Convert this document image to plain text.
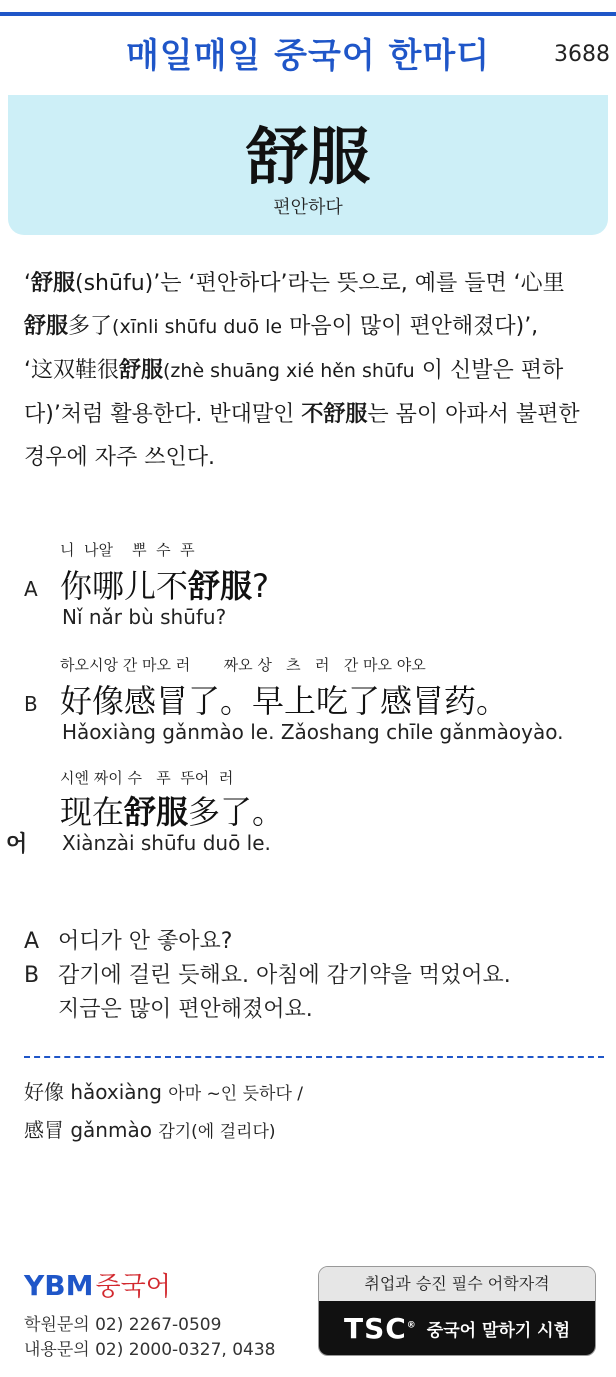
매일매일 중국어 한마디	3688
舒服
편안하다
‘舒服(shūfu)’는 ‘편안하다’라는 뜻으로, 예를 들면 ‘心里
舒服多了(xīnli shūfu duō le 마음이 많이 편안해졌다)’,
‘这双鞋很舒服(zhè shuāng xié hěn shūfu 이 신발은 편하다)’처럼 활용한다. 반대말인 不舒服는 몸이 아파서 불편한 경우에 자주 쓰인다.
니  나알    뿌  수  푸
A 你哪儿不舒服?
Nǐ nǎr bù shūfu?
하오시앙 간 마오 러       짜오 상   츠   러   간 마오 야오
B 好像感冒了。早上吃了感冒药。
Hǎoxiàng gǎnmào le. Zǎoshang chīle gǎnmàoyào.
시엔 짜이 수   푸  뚜어  러
现在舒服多了。
어 Xiànzài shūfu duō le.
A 어디가 안 좋아요?
B 감기에 걸린 듯해요. 아침에 감기약을 먹었어요.
지금은 많이 편안해졌어요.
好像 hǎoxiàng 아마 ~인 듯하다 /
感冒 gǎnmào 감기(에 걸리다)
YBM중국어
학원문의 02) 2267-0509
내용문의 02) 2000-0327, 0438
취업과 승진 필수 어학자격
TSC® 중국어 말하기 시험
